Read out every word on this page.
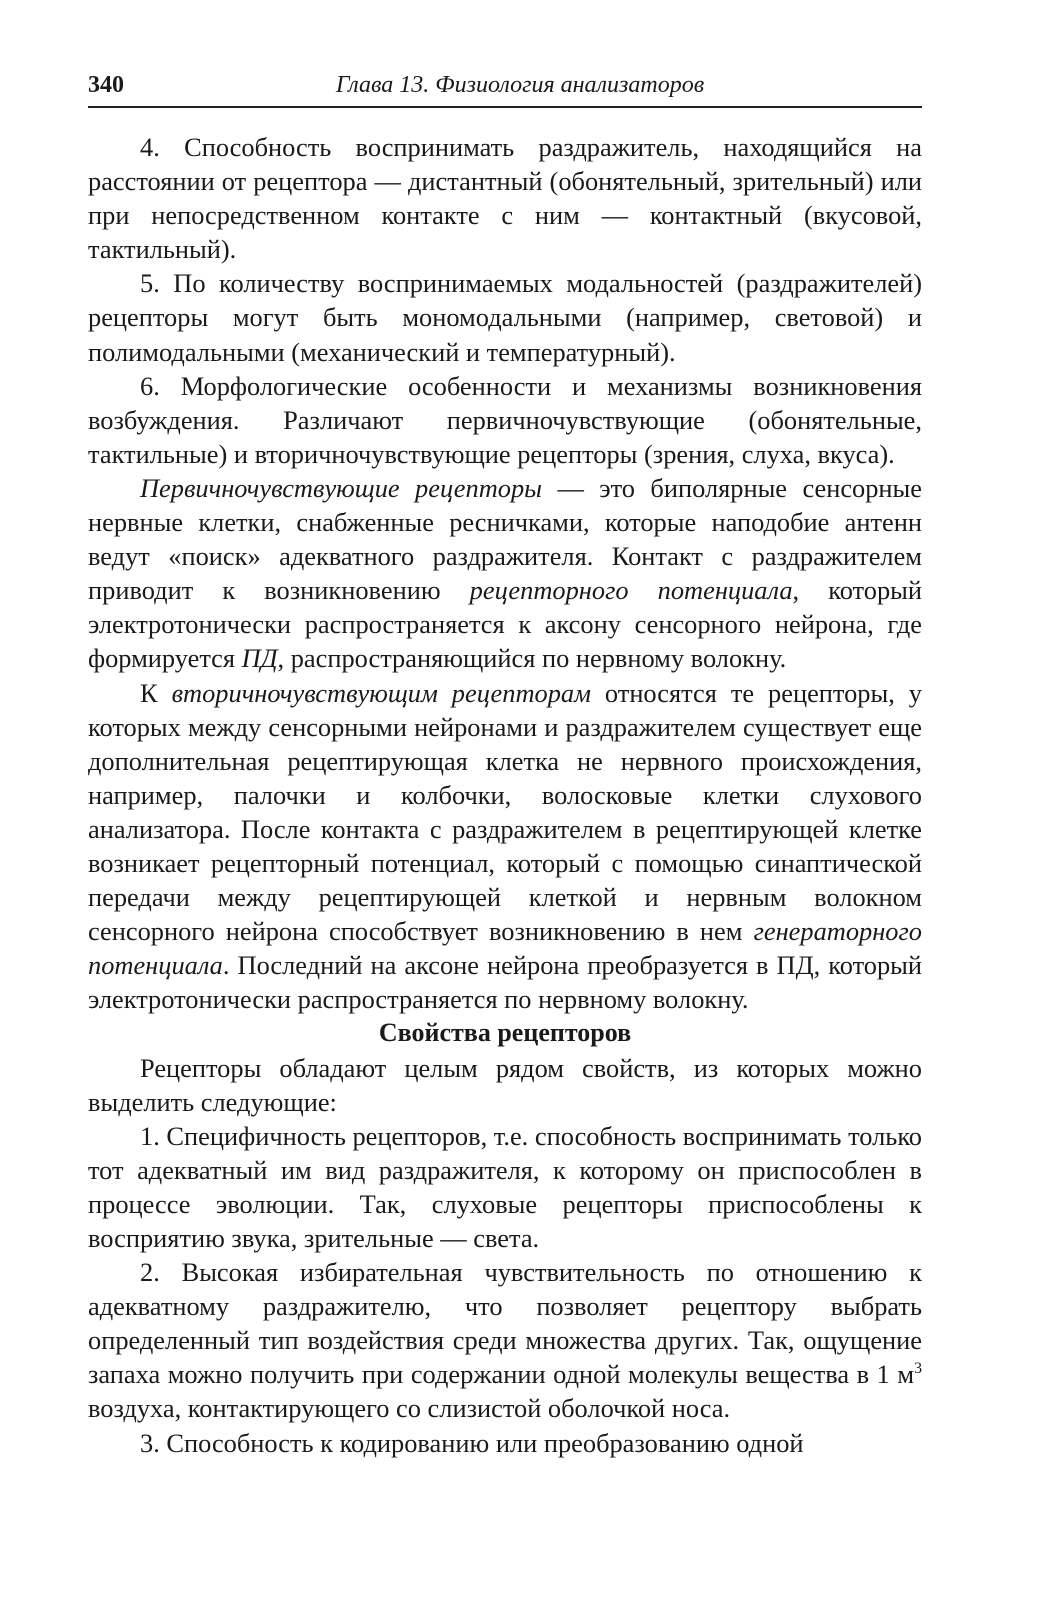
340	Глава 13. Физиология анализаторов

4. Способность воспринимать раздражитель, находящийся на расстоянии от рецептора — дистантный (обонятельный, зрительный) или при непосредственном контакте с ним — контактный (вкусовой, тактильный).

5. По количеству воспринимаемых модальностей (раздражителей) рецепторы могут быть мономодальными (например, световой) и полимодальными (механический и температурный).

6. Морфологические особенности и механизмы возникновения возбуждения. Различают первичночувствующие (обонятельные, тактильные) и вторичночувствующие рецепторы (зрения, слуха, вкуса).

Первичночувствующие рецепторы — это биполярные сенсорные нервные клетки, снабженные ресничками, которые наподобие антенн ведут «поиск» адекватного раздражителя. Контакт с раздражителем приводит к возникновению рецепторного потенциала, который электротонически распространяется к аксону сенсорного нейрона, где формируется ПД, распространяющийся по нервному волокну.

К вторичночувствующим рецепторам относятся те рецепторы, у которых между сенсорными нейронами и раздражителем существует еще дополнительная рецептирующая клетка не нервного происхождения, например, палочки и колбочки, волосковые клетки слухового анализатора. После контакта с раздражителем в рецептирующей клетке возникает рецепторный потенциал, который с помощью синаптической передачи между рецептирующей клеткой и нервным волокном сенсорного нейрона способствует возникновению в нем генераторного потенциала. Последний на аксоне нейрона преобразуется в ПД, который электротонически распространяется по нервному волокну.

Свойства рецепторов

Рецепторы обладают целым рядом свойств, из которых можно выделить следующие:

1. Специфичность рецепторов, т.е. способность воспринимать только тот адекватный им вид раздражителя, к которому он приспособлен в процессе эволюции. Так, слуховые рецепторы приспособлены к восприятию звука, зрительные — света.

2. Высокая избирательная чувствительность по отношению к адекватному раздражителю, что позволяет рецептору выбрать определенный тип воздействия среди множества других. Так, ощущение запаха можно получить при содержании одной молекулы вещества в 1 $м^3$ воздуха, контактирующего со слизистой оболочкой носа.

3. Способность к кодированию или преобразованию одной
